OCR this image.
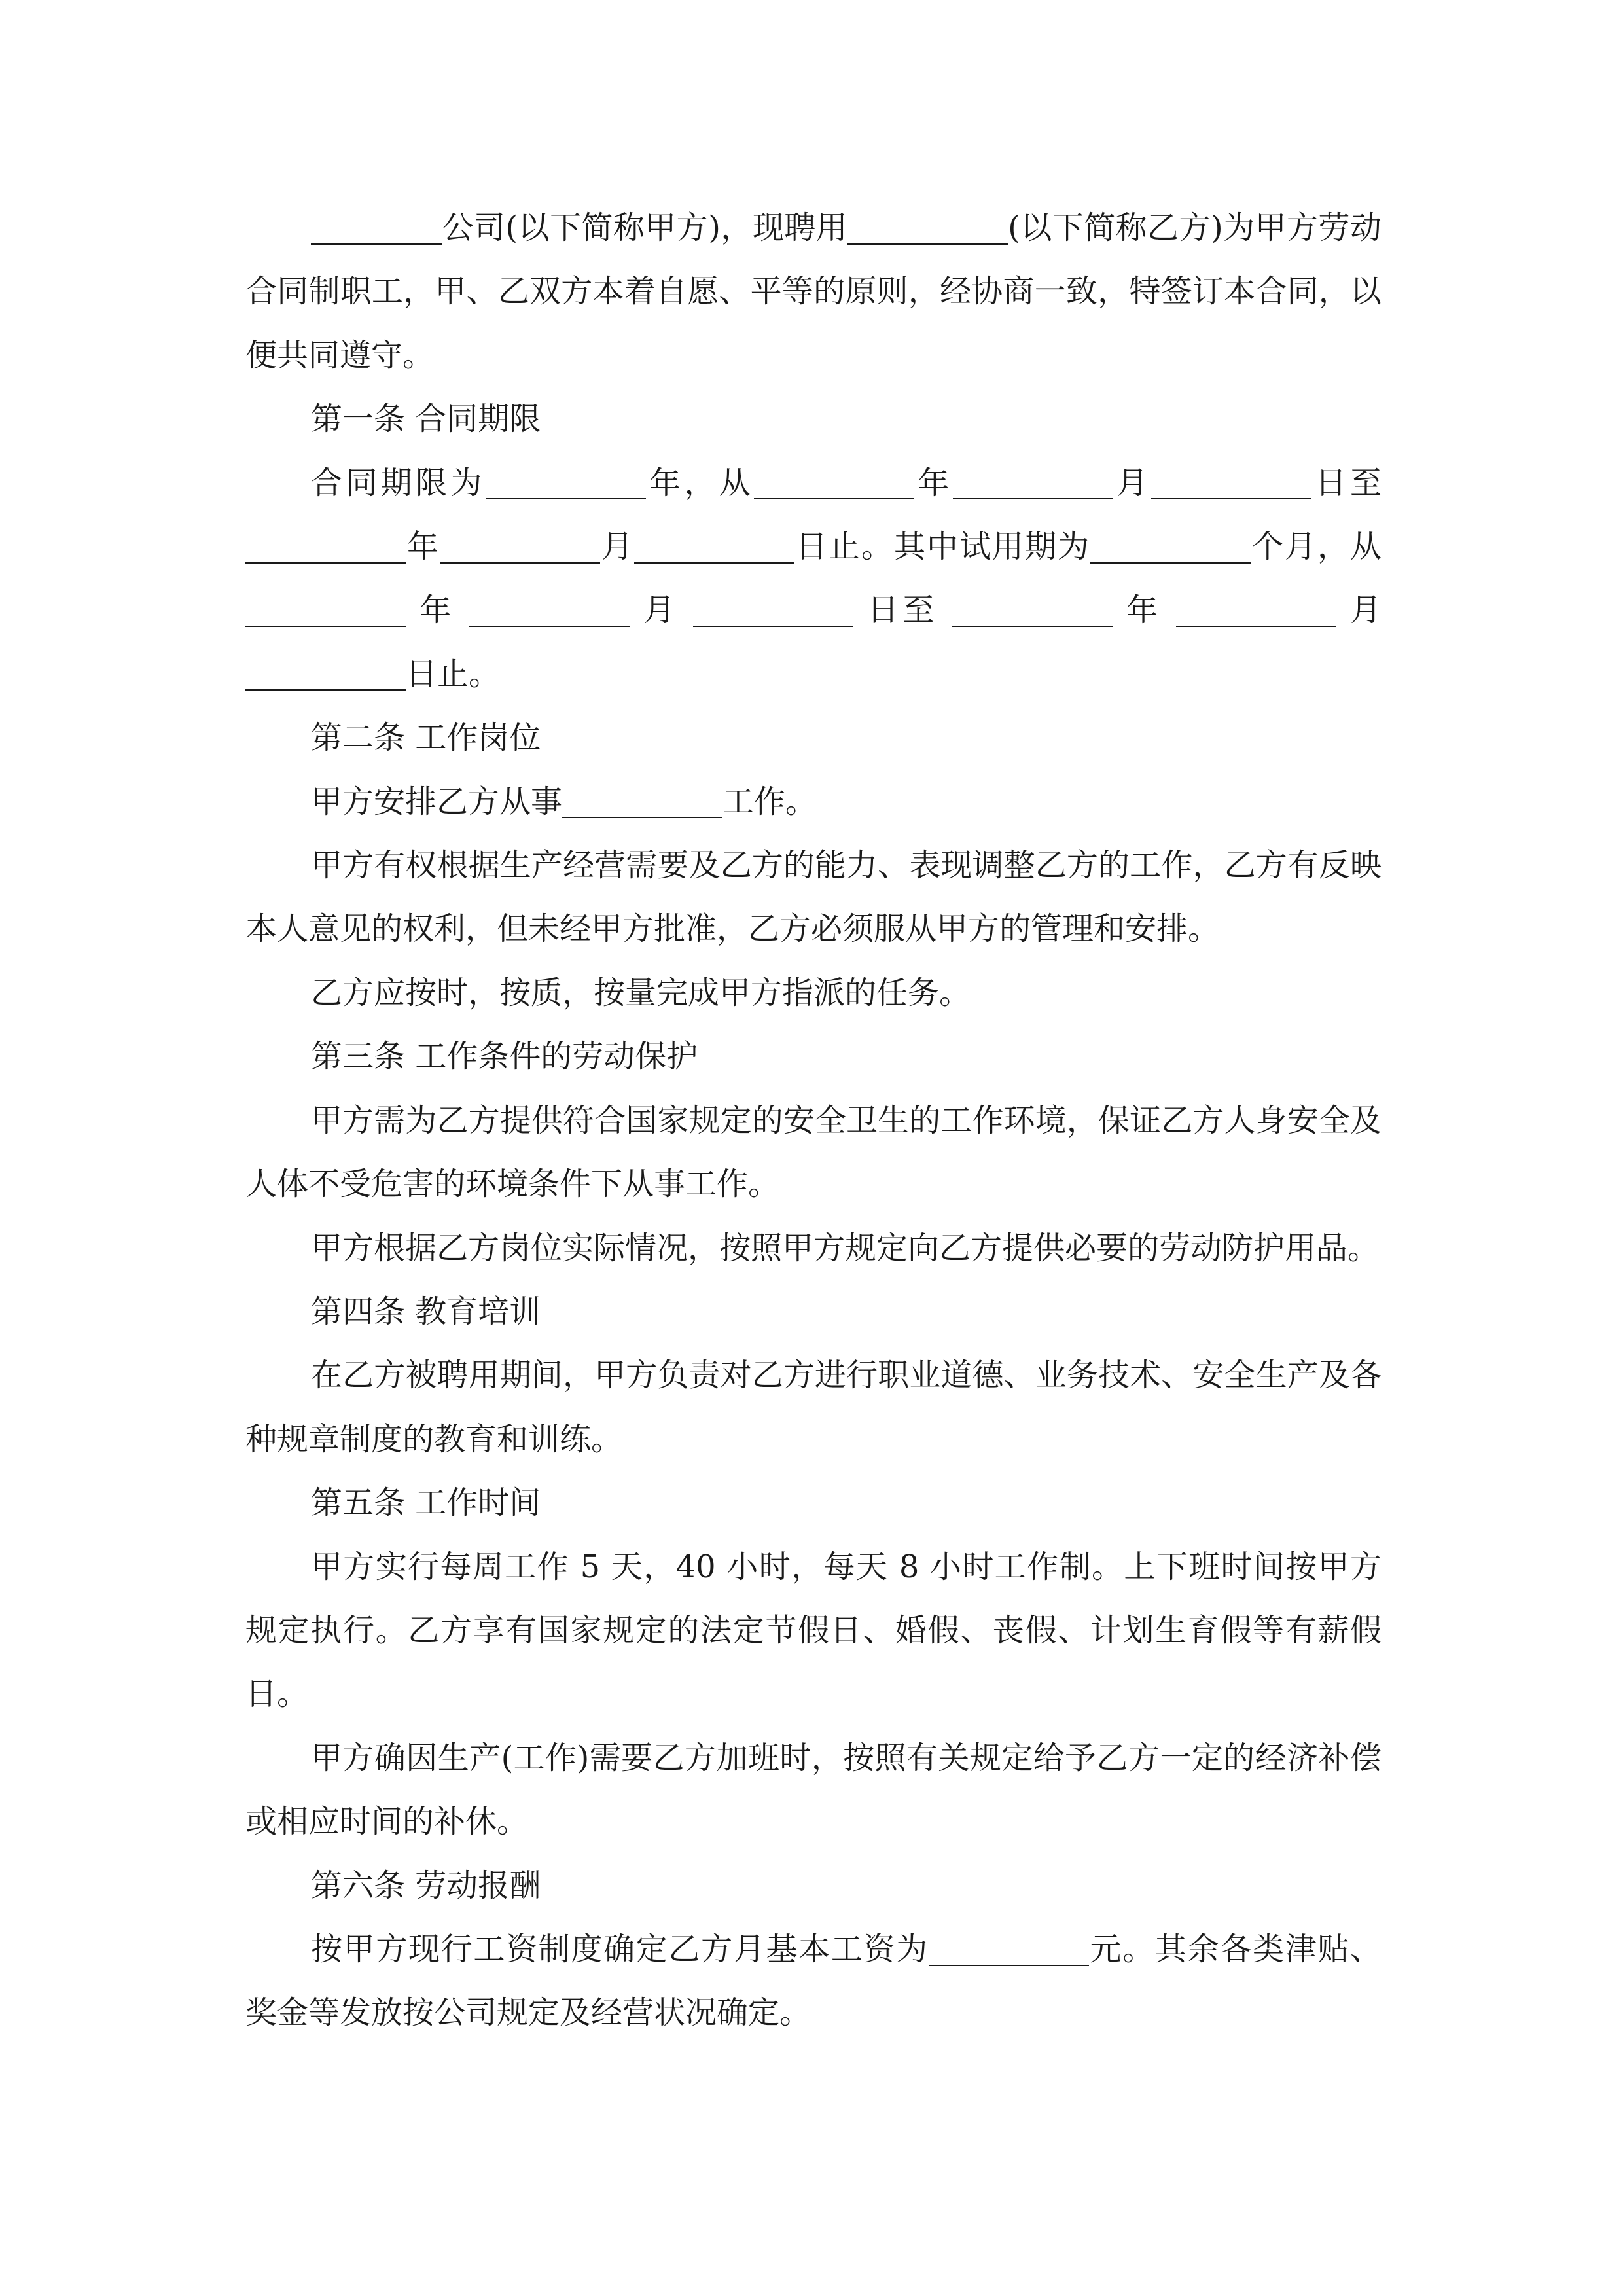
公司(以下简称甲方)，现聘用	(以下简称乙方)为甲方劳动合同制职工，甲、乙双方本着自愿、平等的原则，经协商一致，特签订本合同，以便共同遵守。

第一条 合同期限

合同期限为	年，从	年	月	日至年	月	日止。其中试用期为	个月，从 年	月	日至	年	月 日止。

第二条 工作岗位

甲方安排乙方从事	工作。

甲方有权根据生产经营需要及乙方的能力、表现调整乙方的工作，乙方有反映本人意见的权利，但未经甲方批准，乙方必须服从甲方的管理和安排。

乙方应按时，按质，按量完成甲方指派的任务。

第三条 工作条件的劳动保护

甲方需为乙方提供符合国家规定的安全卫生的工作环境，保证乙方人身安全及人体不受危害的环境条件下从事工作。

甲方根据乙方岗位实际情况，按照甲方规定向乙方提供必要的劳动防护用品。

第四条 教育培训

在乙方被聘用期间，甲方负责对乙方进行职业道德、业务技术、安全生产及各种规章制度的教育和训练。

第五条 工作时间

甲方实行每周工作 5 天，40 小时，每天 8 小时工作制。上下班时间按甲方规定执行。乙方享有国家规定的法定节假日、婚假、丧假、计划生育假等有薪假日。

甲方确因生产(工作)需要乙方加班时，按照有关规定给予乙方一定的经济补偿或相应时间的补休。

第六条 劳动报酬

按甲方现行工资制度确定乙方月基本工资为	元。其余各类津贴、奖金等发放按公司规定及经营状况确定。
